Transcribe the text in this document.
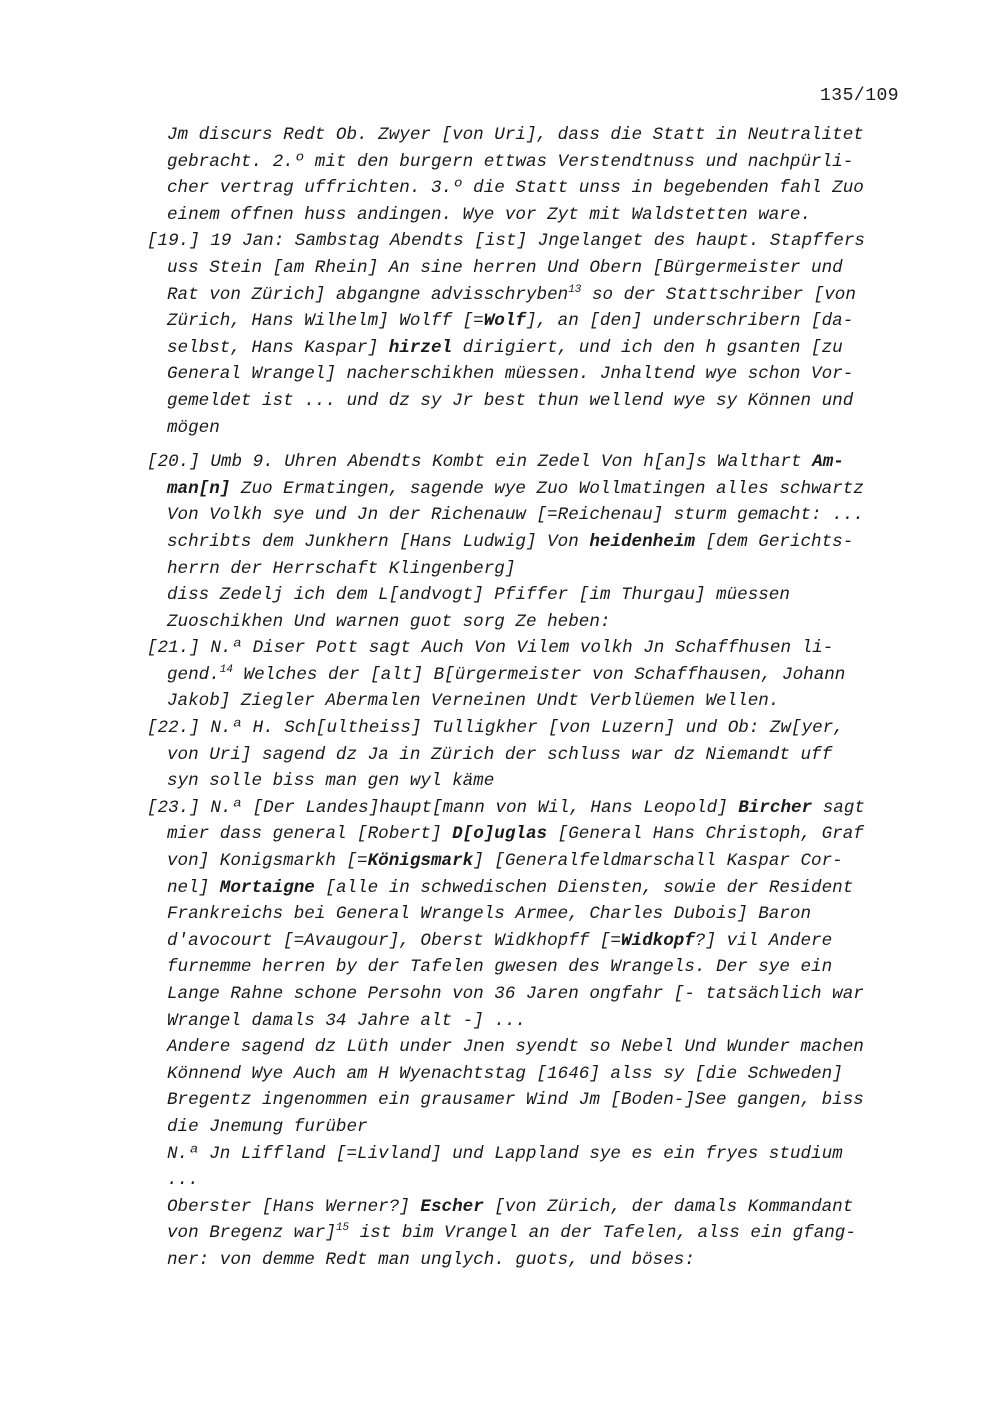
135/109
Jm discurs Redt Ob. Zwyer [von Uri], dass die Statt in Neutralitet
gebracht. 2.º mit den burgern ettwas Verstendtnuss und nachpürli-
cher vertrag uffrichten. 3.º die Statt unss in begebenden fahl Zuo
einem offnen huss andingen. Wye vor Zyt mit Waldstetten ware.
[19.] 19 Jan: Sambstag Abendts [ist] Jngelanget des haupt. Stapffers
uss Stein [am Rhein] An sine herren Und Obern [Bürgermeister und
Rat von Zürich] abgangne advisschryben$^{13}$ so der Stattschriber [von
Zürich, Hans Wilhelm] Wolff [=Wolf], an [den] underschribern [da-
selbst, Hans Kaspar] hirzel dirigiert, und ich den h gsanten [zu
General Wrangel] nacherschikhen müessen. Jnhaltend wye schon Vor-
gemeldet ist ... und dz sy Jr best thun wellend wye sy Können und
mögen
[20.] Umb 9. Uhren Abendts Kombt ein Zedel Von h[an]s Walthart Am-
man[n] Zuo Ermatingen, sagende wye Zuo Wollmatingen alles schwartz
Von Volkh sye und Jn der Richenauw [=Reichenau] sturm gemacht: ...
schribts dem Junkhern [Hans Ludwig] Von heidenheim [dem Gerichts-
herrn der Herrschaft Klingenberg]
diss Zedelj ich dem L[andvogt] Pfiffer [im Thurgau] müessen
Zuoschikhen Und warnen guot sorg Ze heben:
[21.] N.ª Diser Pott sagt Auch Von Vilem volkh Jn Schaffhusen li-
gend.$^{14}$ Welches der [alt] B[ürgermeister von Schaffhausen, Johann
Jakob] Ziegler Abermalen Verneinen Undt Verblüemen Wellen.
[22.] N.ª H. Sch[ultheiss] Tulligkher [von Luzern] und Ob: Zw[yer,
von Uri] sagend dz Ja in Zürich der schluss war dz Niemandt uff
syn solle biss man gen wyl käme
[23.] N.ª [Der Landes]haupt[mann von Wil, Hans Leopold] Bircher sagt
mier dass general [Robert] D[o]uglas [General Hans Christoph, Graf
von] Konigsmarkh [=Königsmark] [Generalfeldmarschall Kaspar Cor-
nel] Mortaigne [alle in schwedischen Diensten, sowie der Resident
Frankreichs bei General Wrangels Armee, Charles Dubois] Baron
d'avocourt [=Avaugour], Oberst Widkhopff [=Widkopf?] vil Andere
furnemme herren by der Tafelen gwesen des Wrangels. Der sye ein
Lange Rahne schone Persohn von 36 Jaren ongfahr [- tatsächlich war
Wrangel damals 34 Jahre alt -] ...
Andere sagend dz Lüth under Jnen syendt so Nebel Und Wunder machen
Könnend Wye Auch am H Wyenachtstag [1646] alss sy [die Schweden]
Bregentz ingenommen ein grausamer Wind Jm [Boden-]See gangen, biss
die Jnemung furüber
N.ª Jn Liffland [=Livland] und Lappland sye es ein fryes studium
...
Oberster [Hans Werner?] Escher [von Zürich, der damals Kommandant
von Bregenz war]$^{15}$ ist bim Vrangel an der Tafelen, alss ein gfang-
ner: von demme Redt man unglych. guots, und böses:
